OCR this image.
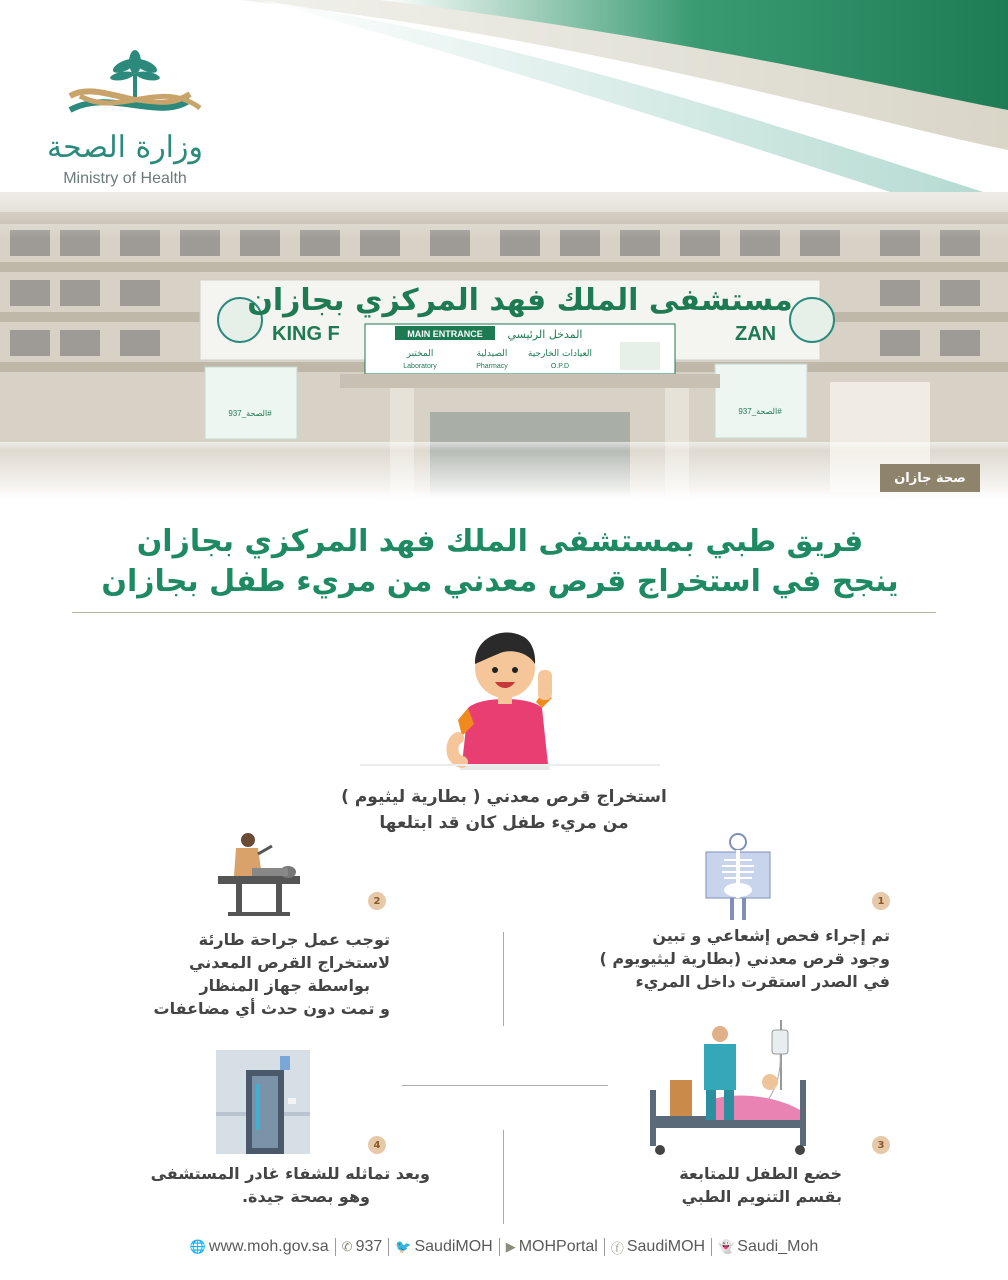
وزارة الصحة
Ministry of Health
صحة جازان
فريق طبي بمستشفى الملك فهد المركزي بجازان
ينجح في استخراج قرص معدني من مريء طفل بجازان
استخراج قرص معدني ( بطارية ليثيوم )
من مريء طفل كان قد ابتلعها
1
تم إجراء فحص إشعاعي و تبين
وجود قرص معدني (بطارية ليثيويوم )
في الصدر استقرت داخل المريء
2
توجب عمل جراحة طارئة
لاستخراج القرص المعدني
بواسطة جهاز المنظار
و تمت دون حدث أي مضاعفات
3
خضع الطفل للمتابعة
بقسم التنويم الطبي
4
وبعد تماثله للشفاء غادر المستشفى
وهو بصحة جيدة.
🌐 www.moh.gov.sa ✆ 937 🐦 SaudiMOH ▶ MOHPortal ⓕ SaudiMOH 👻 Saudi_Moh
